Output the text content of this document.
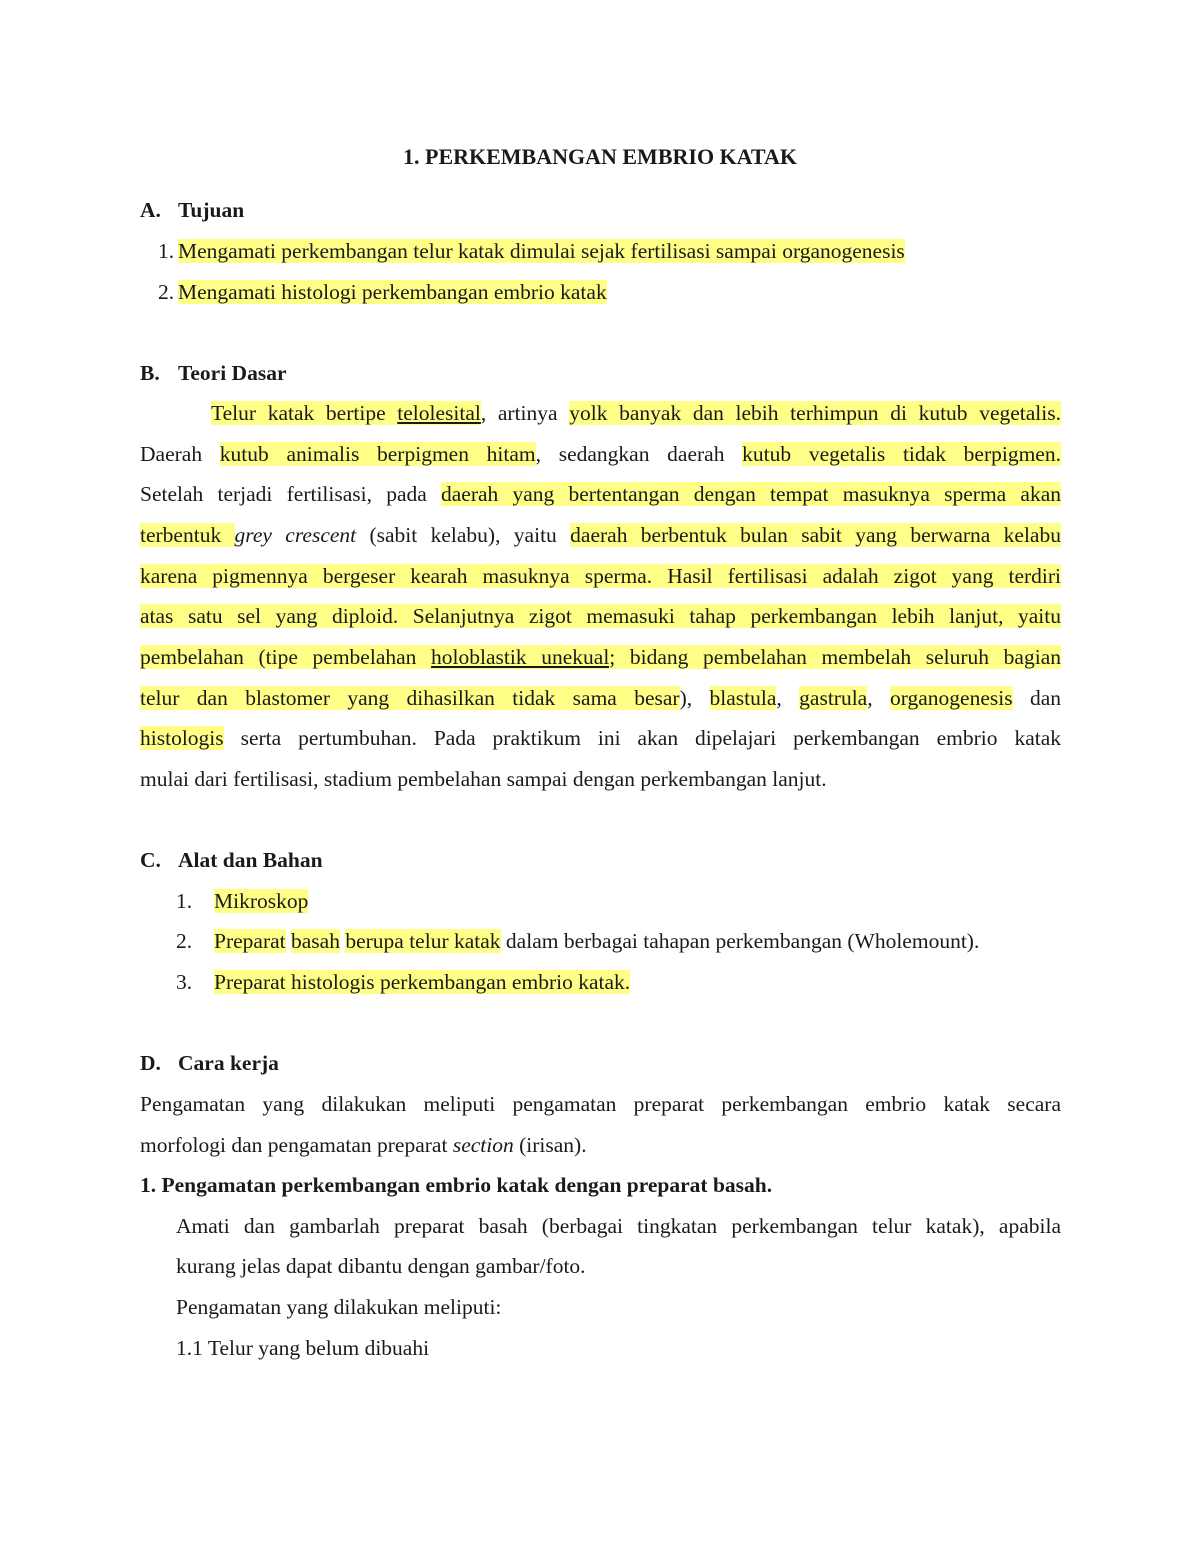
1. PERKEMBANGAN EMBRIO KATAK
A. Tujuan
1. Mengamati perkembangan telur katak dimulai sejak fertilisasi sampai organogenesis
2. Mengamati histologi perkembangan embrio katak
B. Teori Dasar
Telur katak bertipe telolesital, artinya yolk banyak dan lebih terhimpun di kutub vegetalis.
Daerah kutub animalis berpigmen hitam, sedangkan daerah kutub vegetalis tidak berpigmen.
Setelah terjadi fertilisasi, pada daerah yang bertentangan dengan tempat masuknya sperma akan
terbentuk grey crescent (sabit kelabu), yaitu daerah berbentuk bulan sabit yang berwarna kelabu
karena pigmennya bergeser kearah masuknya sperma. Hasil fertilisasi adalah zigot yang terdiri
atas satu sel yang diploid. Selanjutnya zigot memasuki tahap perkembangan lebih lanjut, yaitu
pembelahan (tipe pembelahan holoblastik unekual; bidang pembelahan membelah seluruh bagian
telur dan blastomer yang dihasilkan tidak sama besar), blastula, gastrula, organogenesis dan
histologis serta pertumbuhan. Pada praktikum ini akan dipelajari perkembangan embrio katak
mulai dari fertilisasi, stadium pembelahan sampai dengan perkembangan lanjut.
C. Alat dan Bahan
1. Mikroskop
2. Preparat basah berupa telur katak dalam berbagai tahapan perkembangan (Wholemount).
3. Preparat histologis perkembangan embrio katak.
D. Cara kerja
Pengamatan yang dilakukan meliputi pengamatan preparat perkembangan embrio katak secara
morfologi dan pengamatan preparat section (irisan).
1. Pengamatan perkembangan embrio katak dengan preparat basah.
Amati dan gambarlah preparat basah (berbagai tingkatan perkembangan telur katak), apabila
kurang jelas dapat dibantu dengan gambar/foto.
Pengamatan yang dilakukan meliputi:
1.1 Telur yang belum dibuahi
